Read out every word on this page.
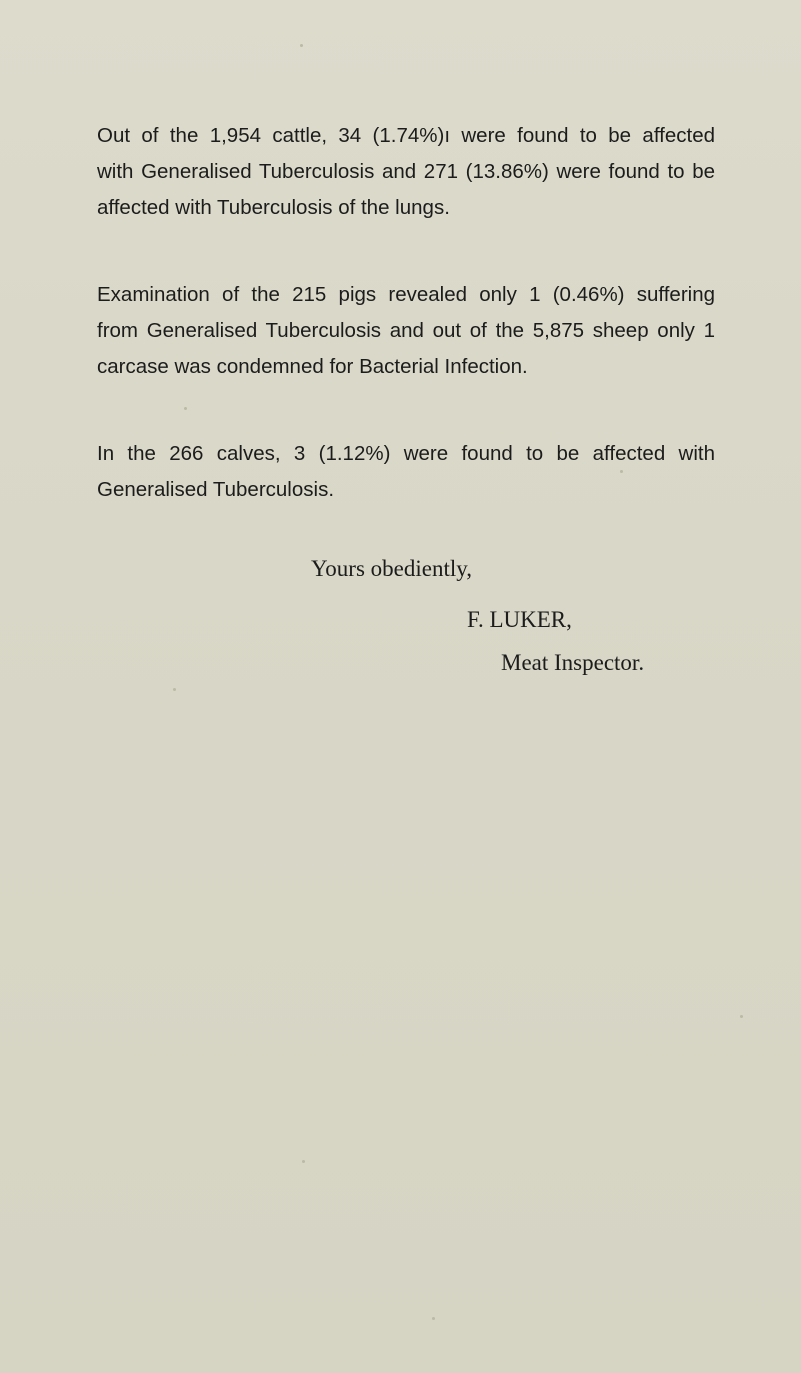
Out of the 1,954 cattle, 34 (1.74%)ı were found to be affected
with Generalised Tuberculosis and 271 (13.86%) were found to be
affected with Tuberculosis of the lungs.

Examination of the 215 pigs revealed only 1 (0.46%) suffering
from Generalised Tuberculosis and out of the 5,875 sheep only 1
carcase was condemned for Bacterial Infection.

In the 266 calves, 3 (1.12%) were found to be affected with
Generalised Tuberculosis.

Yours obediently,

F. LUKER,

Meat Inspector.
